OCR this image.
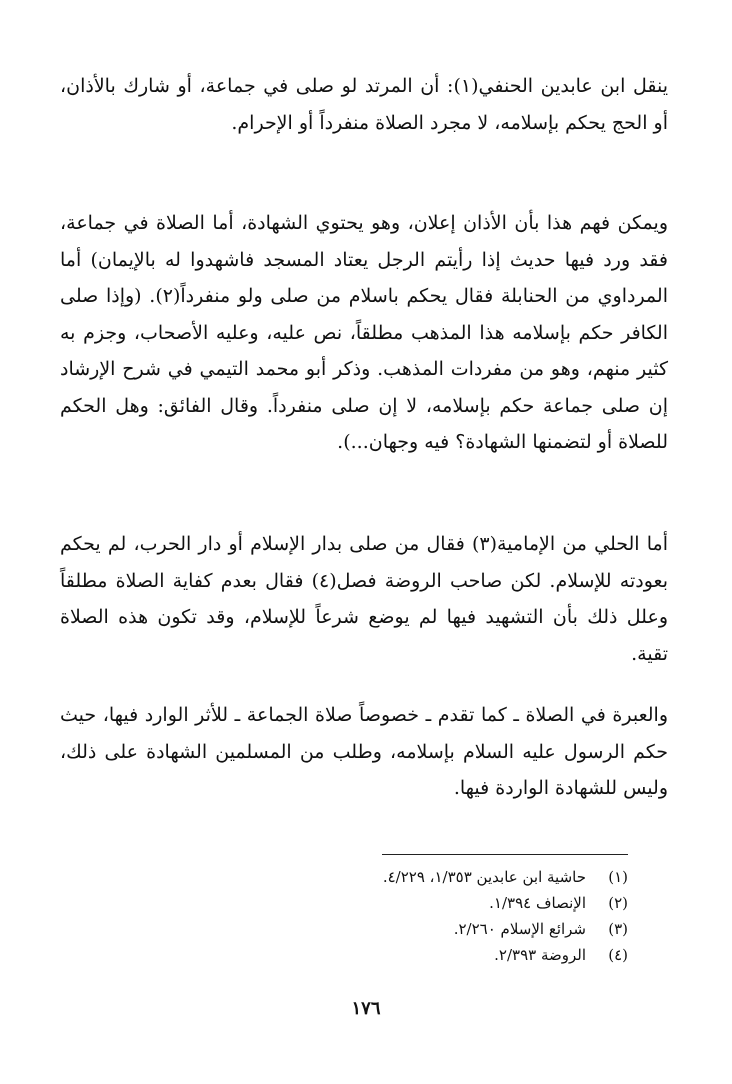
ينقل ابن عابدين الحنفي(١): أن المرتد لو صلى في جماعة، أو شارك بالأذان، أو الحج يحكم بإسلامه، لا مجرد الصلاة منفرداً أو الإحرام.

ويمكن فهم هذا بأن الأذان إعلان، وهو يحتوي الشهادة، أما الصلاة في جماعة، فقد ورد فيها حديث إذا رأيتم الرجل يعتاد المسجد فاشهدوا له بالإيمان) أما المرداوي من الحنابلة فقال يحكم باسلام من صلى ولو منفرداً(٢). (وإذا صلى الكافر حكم بإسلامه هذا المذهب مطلقاً، نص عليه، وعليه الأصحاب، وجزم به كثير منهم، وهو من مفردات المذهب. وذكر أبو محمد التيمي في شرح الإرشاد إن صلى جماعة حكم بإسلامه، لا إن صلى منفرداً. وقال الفائق: وهل الحكم للصلاة أو لتضمنها الشهادة؟ فيه وجهان...).

أما الحلي من الإمامية(٣) فقال من صلى بدار الإسلام أو دار الحرب، لم يحكم بعودته للإسلام. لكن صاحب الروضة فصل(٤) فقال بعدم كفاية الصلاة مطلقاً وعلل ذلك بأن التشهيد فيها لم يوضع شرعاً للإسلام، وقد تكون هذه الصلاة تقية.

والعبرة في الصلاة ـ كما تقدم ـ خصوصاً صلاة الجماعة ـ للأثر الوارد فيها، حيث حكم الرسول عليه السلام بإسلامه، وطلب من المسلمين الشهادة على ذلك، وليس للشهادة الواردة فيها.

(١)
حاشية ابن عابدين ١/٣٥٣، ٤/٢٢٩.
(٢)
الإنصاف ١/٣٩٤.
(٣)
شرائع الإسلام ٢/٢٦٠.
(٤)
الروضة ٢/٣٩٣.
١٧٦
